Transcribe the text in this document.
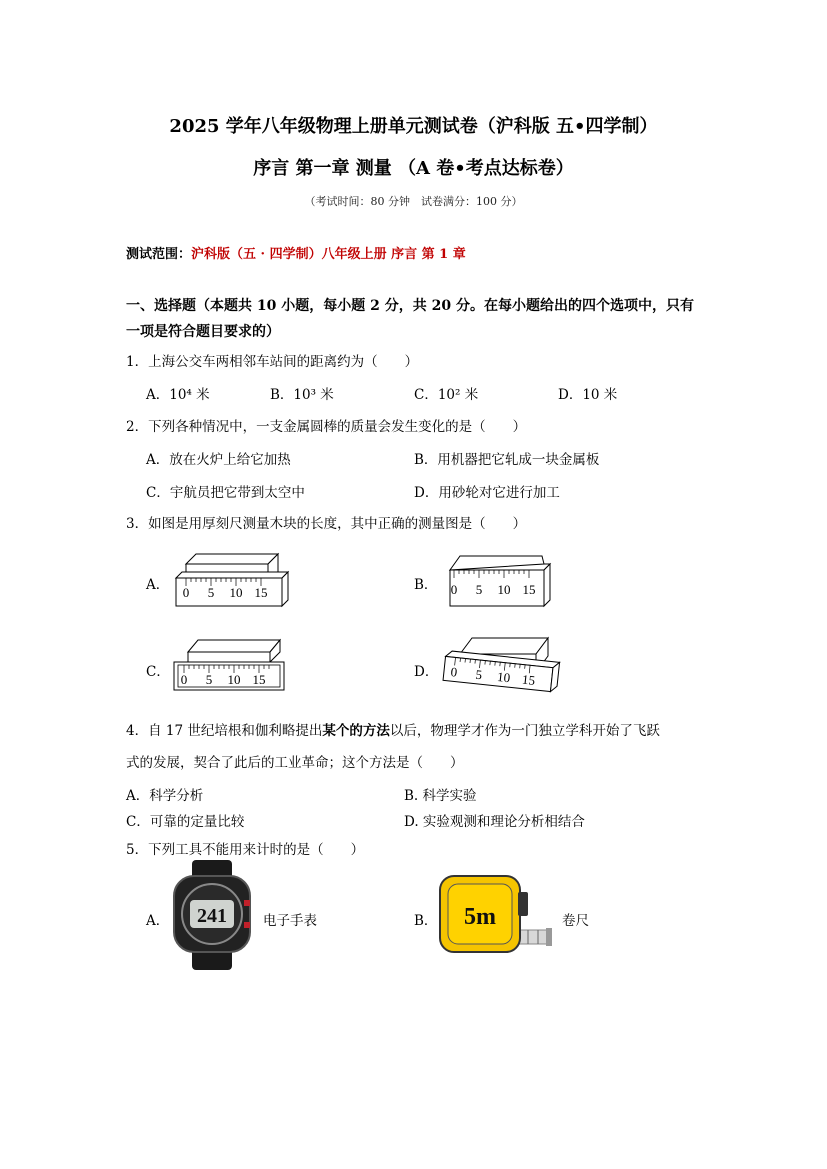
2025 学年八年级物理上册单元测试卷（沪科版 五•四学制）
序言 第一章 测量 （A 卷•考点达标卷）
（考试时间：80 分钟　试卷满分：100 分）
测试范围：沪科版（五 · 四学制）八年级上册 序言 第 1 章
一、选择题（本题共 10 小题，每小题 2 分，共 20 分。在每小题给出的四个选项中，只有
一项是符合题目要求的）
1．上海公交车两相邻车站间的距离约为（　　）
A．10⁴ 米	B．10³ 米	C．10² 米	D．10 米
2．下列各种情况中，一支金属圆棒的质量会发生变化的是（　　）
A．放在火炉上给它加热	B．用机器把它轧成一块金属板
C．宇航员把它带到太空中	D．用砂轮对它进行加工
3．如图是用厚刻尺测量木块的长度，其中正确的测量图是（　　）
A． 0 5 10 15	B． 0 5 10 15
C． 0 5 10 15	D． 0 5 10 15
4．自 17 世纪培根和伽利略提出某个的方法以后，物理学才作为一门独立学科开始了飞跃
式的发展，契合了此后的工业革命；这个方法是（　　）
A．科学分析	B. 科学实验
C．可靠的定量比较	D. 实验观测和理论分析相结合
5．下列工具不能用来计时的是（　　）
A． 241	电子手表	B． 5m	卷尺
